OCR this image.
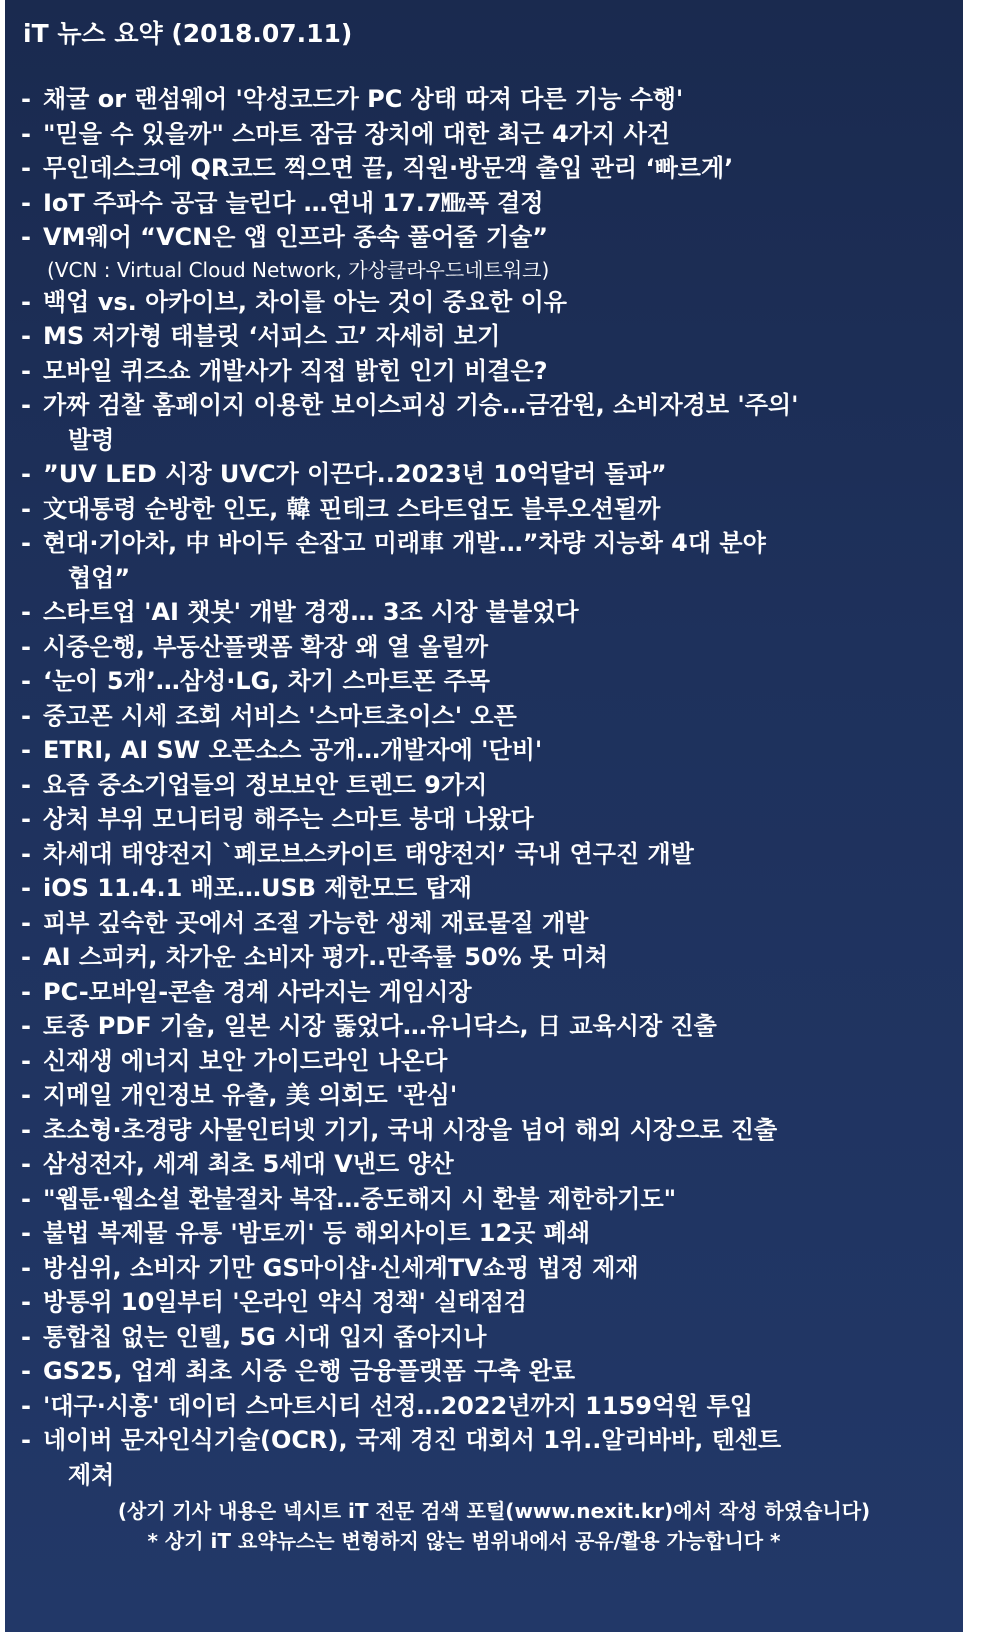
iT 뉴스 요약 (2018.07.11)
- 채굴 or 랜섬웨어 '악성코드가 PC 상태 따져 다른 기능 수행'
- "믿을 수 있을까" 스마트 잠금 장치에 대한 최근 4가지 사건
- 무인데스크에 QR코드 찍으면 끝, 직원·방문객 출입 관리 ‘빠르게’
- IoT 주파수 공급 늘린다 …연내 17.7㎒폭 결정
- VM웨어 “VCN은 앱 인프라 종속 풀어줄 기술”
(VCN : Virtual Cloud Network, 가상클라우드네트워크)
- 백업 vs. 아카이브, 차이를 아는 것이 중요한 이유
- MS 저가형 태블릿 ‘서피스 고’ 자세히 보기
- 모바일 퀴즈쇼 개발사가 직접 밝힌 인기 비결은?
- 가짜 검찰 홈페이지 이용한 보이스피싱 기승…금감원, 소비자경보 '주의'
발령
- ”UV LED 시장 UVC가 이끈다..2023년 10억달러 돌파”
- 文대통령 순방한 인도, 韓 핀테크 스타트업도 블루오션될까
- 현대·기아차, 中 바이두 손잡고 미래車 개발…”차량 지능화 4대 분야
협업”
- 스타트업 'AI 챗봇' 개발 경쟁… 3조 시장 불붙었다
- 시중은행, 부동산플랫폼 확장 왜 열 올릴까
- ‘눈이 5개’…삼성·LG, 차기 스마트폰 주목
- 중고폰 시세 조회 서비스 '스마트초이스' 오픈
- ETRI, AI SW 오픈소스 공개…개발자에 '단비'
- 요즘 중소기업들의 정보보안 트렌드 9가지
- 상처 부위 모니터링 해주는 스마트 붕대 나왔다
- 차세대 태양전지 `페로브스카이트 태양전지’ 국내 연구진 개발
- iOS 11.4.1 배포…USB 제한모드 탑재
- 피부 깊숙한 곳에서 조절 가능한 생체 재료물질 개발
- AI 스피커, 차가운 소비자 평가..만족률 50% 못 미쳐
- PC-모바일-콘솔 경계 사라지는 게임시장
- 토종 PDF 기술, 일본 시장 뚫었다…유니닥스, 日 교육시장 진출
- 신재생 에너지 보안 가이드라인 나온다
- 지메일 개인정보 유출, 美 의회도 '관심'
- 초소형·초경량 사물인터넷 기기, 국내 시장을 넘어 해외 시장으로 진출
- 삼성전자, 세계 최초 5세대 V낸드 양산
- "웹툰·웹소설 환불절차 복잡…중도해지 시 환불 제한하기도"
- 불법 복제물 유통 '밤토끼' 등 해외사이트 12곳 폐쇄
- 방심위, 소비자 기만 GS마이샵·신세계TV쇼핑 법정 제재
- 방통위 10일부터 '온라인 약식 정책' 실태점검
- 통합칩 없는 인텔, 5G 시대 입지 좁아지나
- GS25, 업계 최초 시중 은행 금융플랫폼 구축 완료
- '대구·시흥' 데이터 스마트시티 선정…2022년까지 1159억원 투입
- 네이버 문자인식기술(OCR), 국제 경진 대회서 1위..알리바바, 텐센트
제쳐
(상기 기사 내용은 넥시트 iT 전문 검색 포털(www.nexit.kr)에서 작성 하였습니다)
* 상기 iT 요약뉴스는 변형하지 않는 범위내에서 공유/활용 가능합니다 *
